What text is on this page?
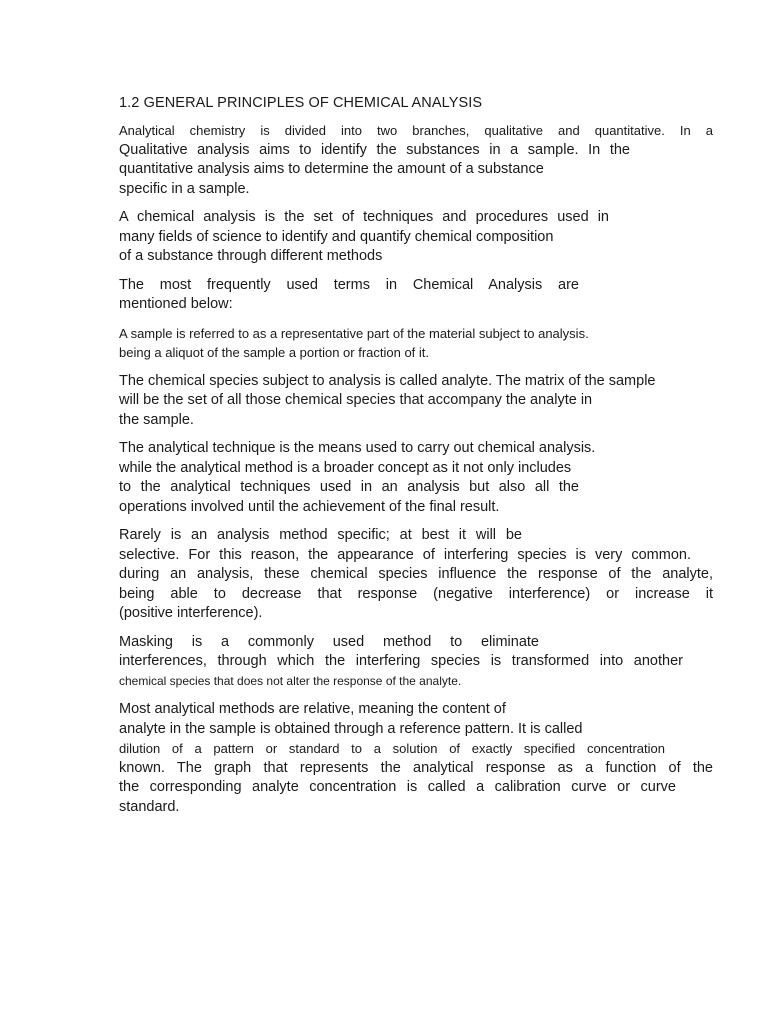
1.2 GENERAL PRINCIPLES OF CHEMICAL ANALYSIS
Analytical chemistry is divided into two branches, qualitative and quantitative. In a
Qualitative analysis aims to identify the substances in a sample. In the
quantitative analysis aims to determine the amount of a substance
specific in a sample.
A chemical analysis is the set of techniques and procedures used in
many fields of science to identify and quantify chemical composition
of a substance through different methods
The most frequently used terms in Chemical Analysis are
mentioned below:
A sample is referred to as a representative part of the material subject to analysis.
being a aliquot of the sample a portion or fraction of it.
The chemical species subject to analysis is called analyte. The matrix of the sample
will be the set of all those chemical species that accompany the analyte in
the sample.
The analytical technique is the means used to carry out chemical analysis.
while the analytical method is a broader concept as it not only includes
to the analytical techniques used in an analysis but also all the
operations involved until the achievement of the final result.
Rarely is an analysis method specific; at best it will be
selective. For this reason, the appearance of interfering species is very common.
during an analysis, these chemical species influence the response of the analyte,
being able to decrease that response (negative interference) or increase it
(positive interference).
Masking is a commonly used method to eliminate
interferences, through which the interfering species is transformed into another
chemical species that does not alter the response of the analyte.
Most analytical methods are relative, meaning the content of
analyte in the sample is obtained through a reference pattern. It is called
dilution of a pattern or standard to a solution of exactly specified concentration
known. The graph that represents the analytical response as a function of the
the corresponding analyte concentration is called a calibration curve or curve
standard.
